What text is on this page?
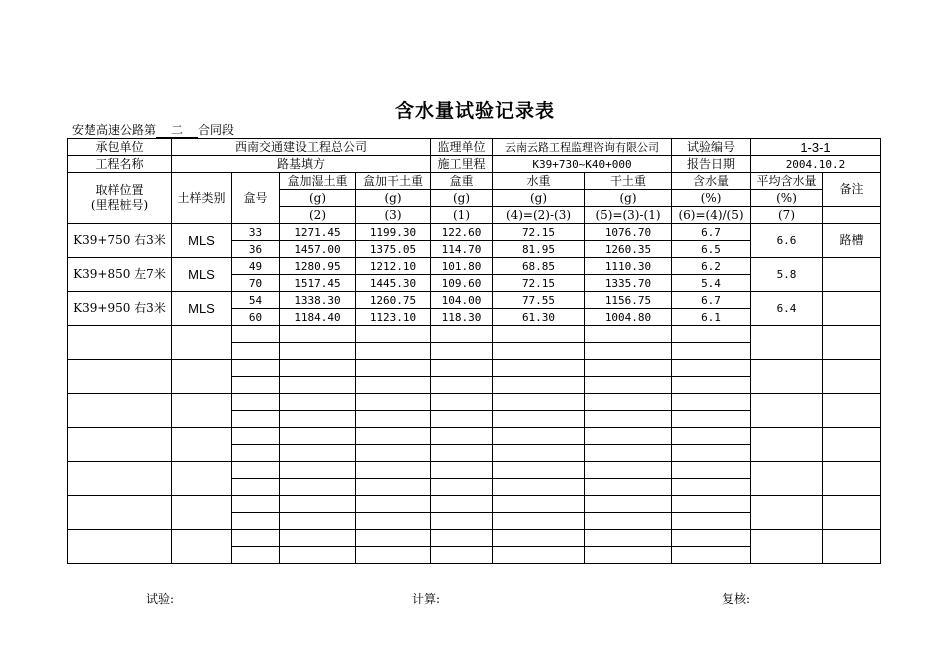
含水量试验记录表
安楚高速公路第 二 合同段
承包单位	西南交通建设工程总公司				监理单位	云南云路工程监理咨询有限公司		试验编号	1-3-1	
工程名称	路基填方				施工里程	K39+730~K40+000		报告日期	2004.10.2	

取样位置
(里程桩号)	土样类别	盒号	盒加湿土重	盒加干土重	盒重	水重	干土重	含水量	平均含水量	备注
			(g)	(g)	(g)	(g)	(g)	(%)	(%)	
			(2)	(3)	(1)	(4)=(2)-(3)	(5)=(3)-(1)	(6)=(4)/(5)	(7)	
K39+750 右3米	MLS	33	1271.45	1199.30	122.60	72.15	1076.70	6.7	6.6	路槽
		36	1457.00	1375.05	114.70	81.95	1260.35	6.5		
K39+850 左7米	MLS	49	1280.95	1212.10	101.80	68.85	1110.30	6.2	5.8	
		70	1517.45	1445.30	109.60	72.15	1335.70	5.4		
K39+950 右3米	MLS	54	1338.30	1260.75	104.00	77.55	1156.75	6.7	6.4	
		60	1184.40	1123.10	118.30	61.30	1004.80	6.1		

试验:	计算:	复核:
